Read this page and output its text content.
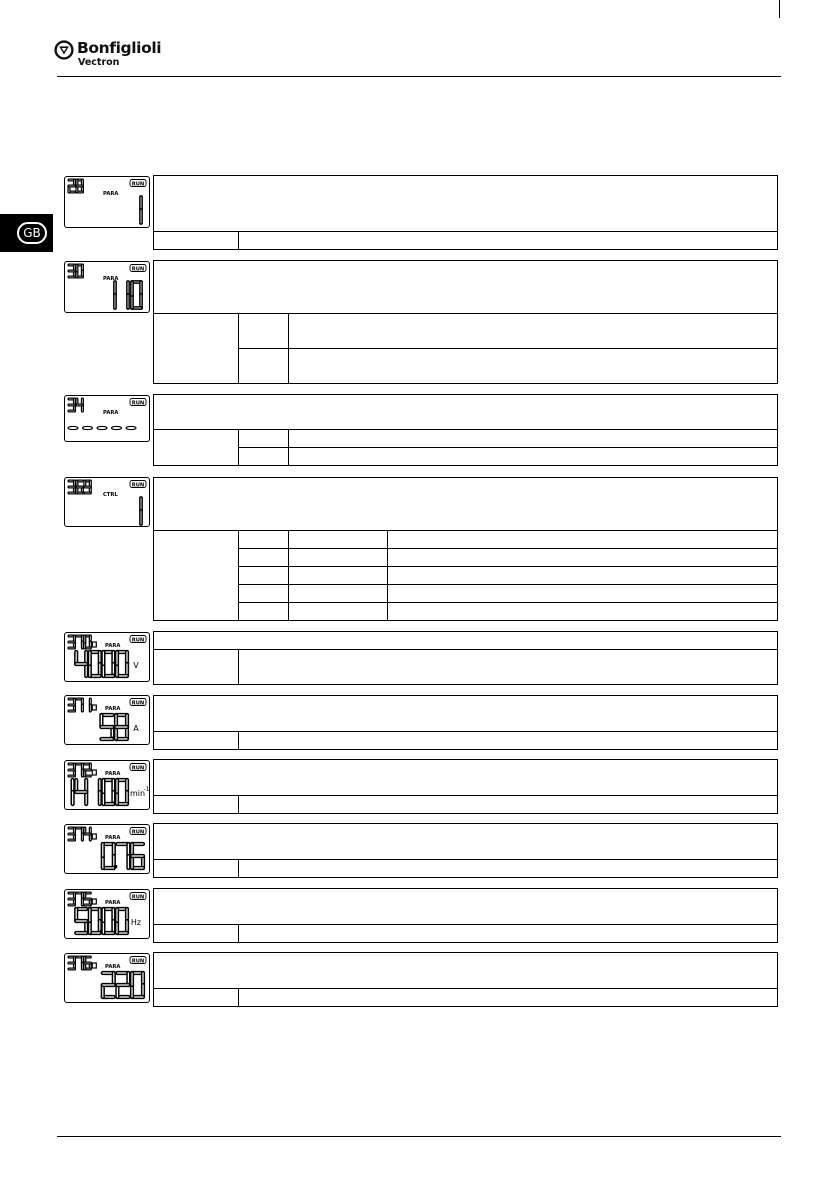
Bonfiglioli
Vectron
GB
RUN
PARA
RUN
PARA
RUN
PARA
RUN
CTRL
RUN
PARA
V
RUN
PARA
A
RUN
PARA
min
-1
RUN
PARA
RUN
PARA
Hz
RUN
PARA
